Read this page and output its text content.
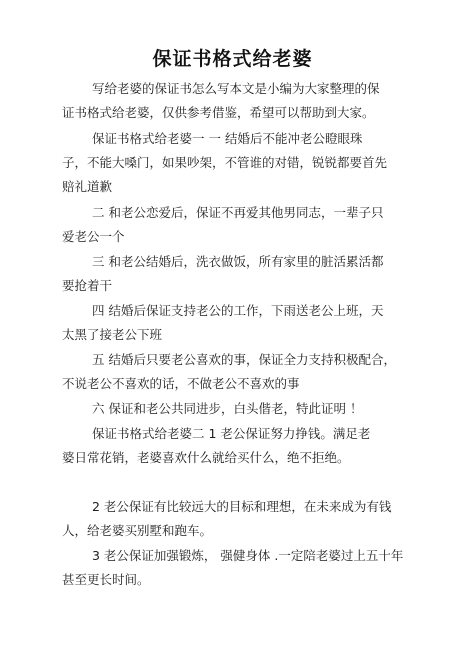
保证书格式给老婆
写给老婆的保证书怎么写本文是小编为大家整理的保
证书格式给老婆，仅供参考借鉴，希望可以帮助到大家。
保证书格式给老婆一 一 结婚后不能冲老公瞪眼珠
子，不能大嗓门，如果吵架，不管谁的对错，锐锐都要首先
赔礼道歉
二 和老公恋爱后，保证不再爱其他男同志，一辈子只
爱老公一个
三 和老公结婚后，洗衣做饭，所有家里的脏活累活都
要抢着干
四 结婚后保证支持老公的工作，下雨送老公上班，天
太黑了接老公下班
五 结婚后只要老公喜欢的事，保证全力支持积极配合，
不说老公不喜欢的话，不做老公不喜欢的事
六 保证和老公共同进步，白头偕老，特此证明 ！
保证书格式给老婆二 1 老公保证努力挣钱。满足老
婆日常花销，老婆喜欢什么就给买什么，绝不拒绝。
2 老公保证有比较远大的目标和理想，在未来成为有钱
人，给老婆买别墅和跑车。
3 老公保证加强锻炼， 强健身体 .一定陪老婆过上五十年
甚至更长时间。
